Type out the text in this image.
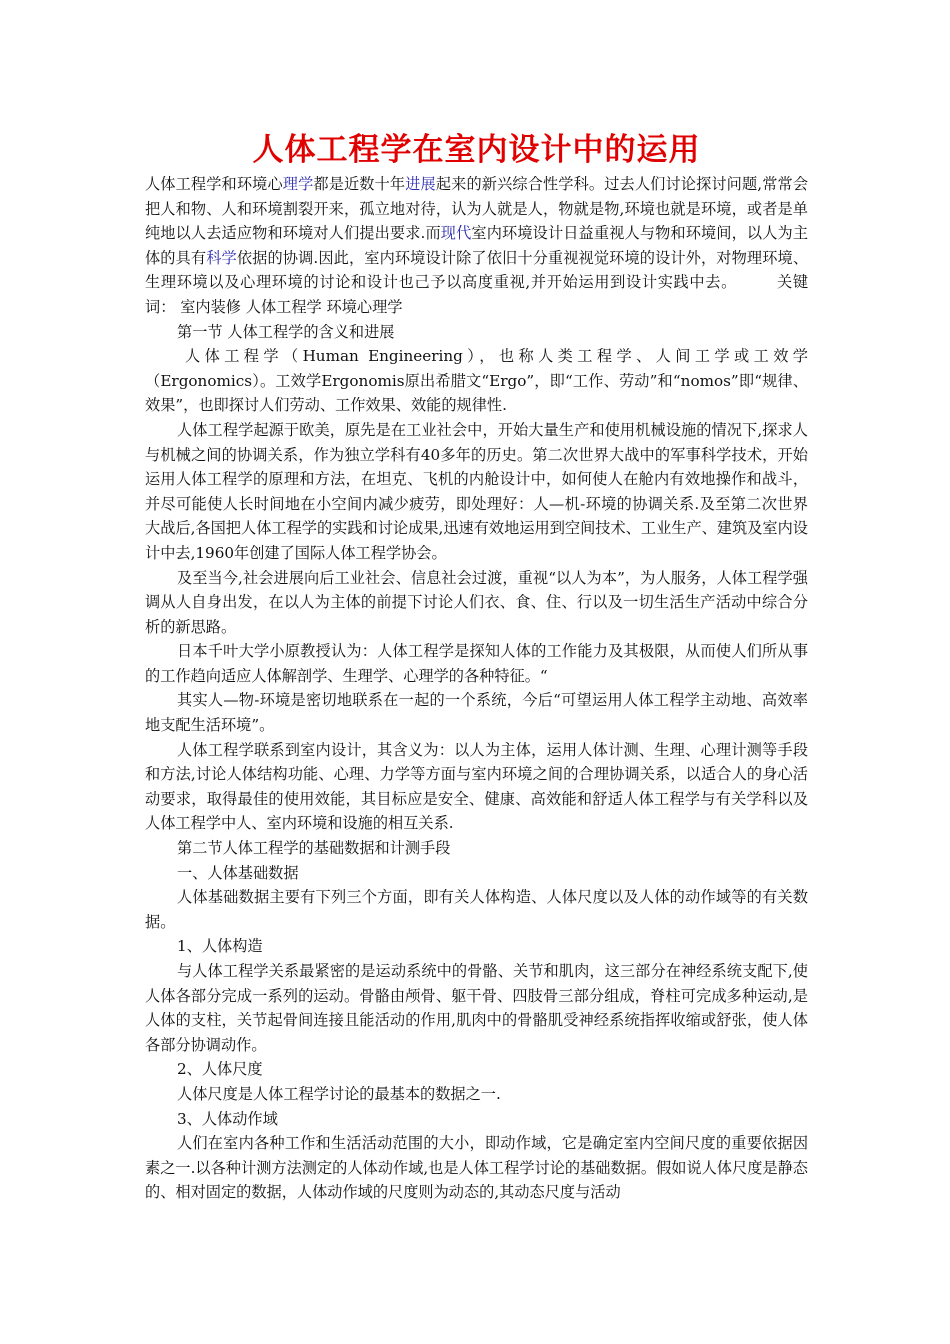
人体工程学在室内设计中的运用

人体工程学和环境心理学都是近数十年进展起来的新兴综合性学科。过去人们讨论探讨问题,常常会把人和物、人和环境割裂开来，孤立地对待，认为人就是人，物就是物,环境也就是环境，或者是单纯地以人去适应物和环境对人们提出要求.而现代室内环境设计日益重视人与物和环境间，以人为主体的具有科学依据的协调.因此，室内环境设计除了依旧十分重视视觉环境的设计外，对物理环境、生理环境以及心理环境的讨论和设计也己予以高度重视,并开始运用到设计实践中去。	关键词： 室内装修 人体工程学 环境心理学

第一节 人体工程学的含义和进展

人体工程学（Human Engineering），也称人类工程学、人间工学或工效学（Ergonomics）。工效学Ergonomis原出希腊文“Ergo”，即“工作、劳动”和“nomos”即“规律、效果”，也即探讨人们劳动、工作效果、效能的规律性.

人体工程学起源于欧美，原先是在工业社会中，开始大量生产和使用机械设施的情况下,探求人与机械之间的协调关系，作为独立学科有40多年的历史。第二次世界大战中的军事科学技术，开始运用人体工程学的原理和方法，在坦克、飞机的内舱设计中，如何使人在舱内有效地操作和战斗，并尽可能使人长时间地在小空间内减少疲劳，即处理好：人—机-环境的协调关系.及至第二次世界大战后,各国把人体工程学的实践和讨论成果,迅速有效地运用到空间技术、工业生产、建筑及室内设计中去,1960年创建了国际人体工程学协会。

及至当今,社会进展向后工业社会、信息社会过渡，重视“以人为本”，为人服务，人体工程学强调从人自身出发，在以人为主体的前提下讨论人们衣、食、住、行以及一切生活生产活动中综合分析的新思路。

日本千叶大学小原教授认为：人体工程学是探知人体的工作能力及其极限，从而使人们所从事的工作趋向适应人体解剖学、生理学、心理学的各种特征。“

其实人—物-环境是密切地联系在一起的一个系统，今后“可望运用人体工程学主动地、高效率地支配生活环境”。

人体工程学联系到室内设计，其含义为：以人为主体，运用人体计测、生理、心理计测等手段和方法,讨论人体结构功能、心理、力学等方面与室内环境之间的合理协调关系，以适合人的身心活动要求，取得最佳的使用效能，其目标应是安全、健康、高效能和舒适人体工程学与有关学科以及人体工程学中人、室内环境和设施的相互关系.

第二节人体工程学的基础数据和计测手段

一、人体基础数据

人体基础数据主要有下列三个方面，即有关人体构造、人体尺度以及人体的动作域等的有关数据。

1、人体构造

与人体工程学关系最紧密的是运动系统中的骨骼、关节和肌肉，这三部分在神经系统支配下,使人体各部分完成一系列的运动。骨骼由颅骨、躯干骨、四肢骨三部分组成，脊柱可完成多种运动,是人体的支柱，关节起骨间连接且能活动的作用,肌肉中的骨骼肌受神经系统指挥收缩或舒张，使人体各部分协调动作。

2、人体尺度

人体尺度是人体工程学讨论的最基本的数据之一.

3、人体动作域

人们在室内各种工作和生活活动范围的大小，即动作域，它是确定室内空间尺度的重要依据因素之一.以各种计测方法测定的人体动作域,也是人体工程学讨论的基础数据。假如说人体尺度是静态的、相对固定的数据，人体动作域的尺度则为动态的,其动态尺度与活动
